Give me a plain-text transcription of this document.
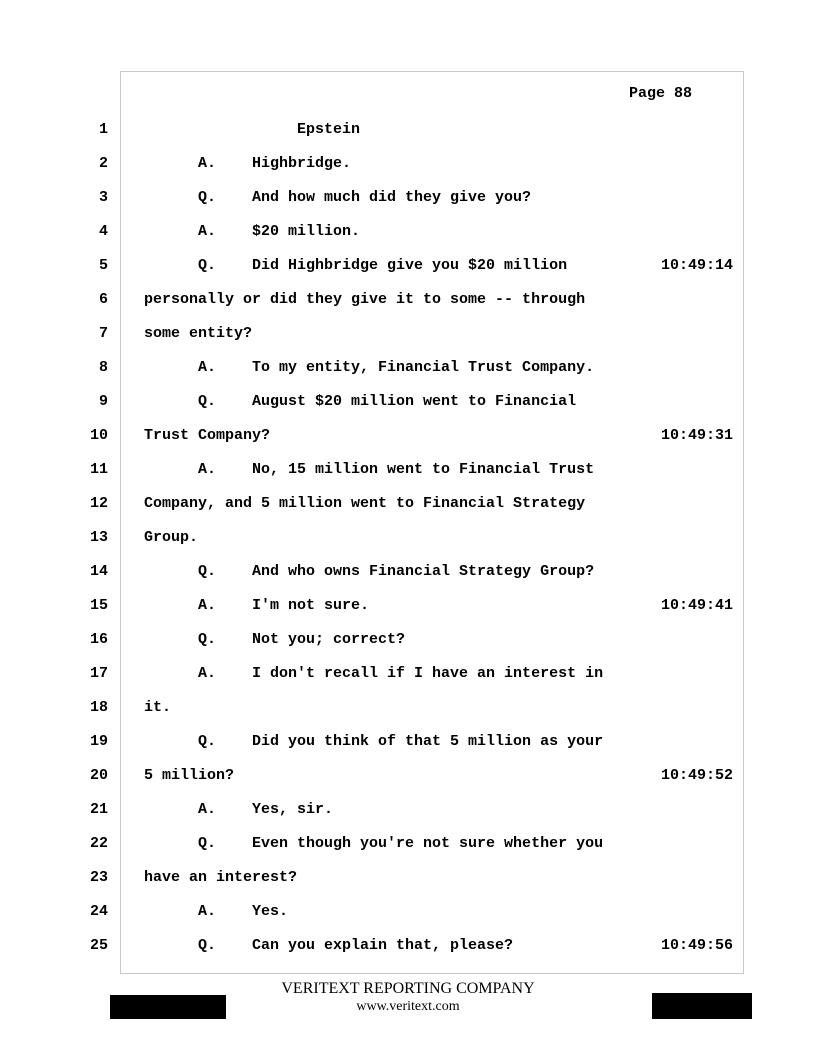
Page 88
1 Epstein
2 A.    Highbridge.
3 Q.    And how much did they give you?
4 A.    $20 million.
5 Q.    Did Highbridge give you $20 million	10:49:14
6 personally or did they give it to some -- through
7 some entity?
8 A.    To my entity, Financial Trust Company.
9 Q.    August $20 million went to Financial
10 Trust Company?	10:49:31
11 A.    No, 15 million went to Financial Trust
12 Company, and 5 million went to Financial Strategy
13 Group.
14 Q.    And who owns Financial Strategy Group?
15 A.    I'm not sure.	10:49:41
16 Q.    Not you; correct?
17 A.    I don't recall if I have an interest in
18 it.
19 Q.    Did you think of that 5 million as your
20 5 million?	10:49:52
21 A.    Yes, sir.
22 Q.    Even though you're not sure whether you
23 have an interest?
24 A.    Yes.
25 Q.    Can you explain that, please?	10:49:56
VERITEXT REPORTING COMPANY
www.veritext.com
